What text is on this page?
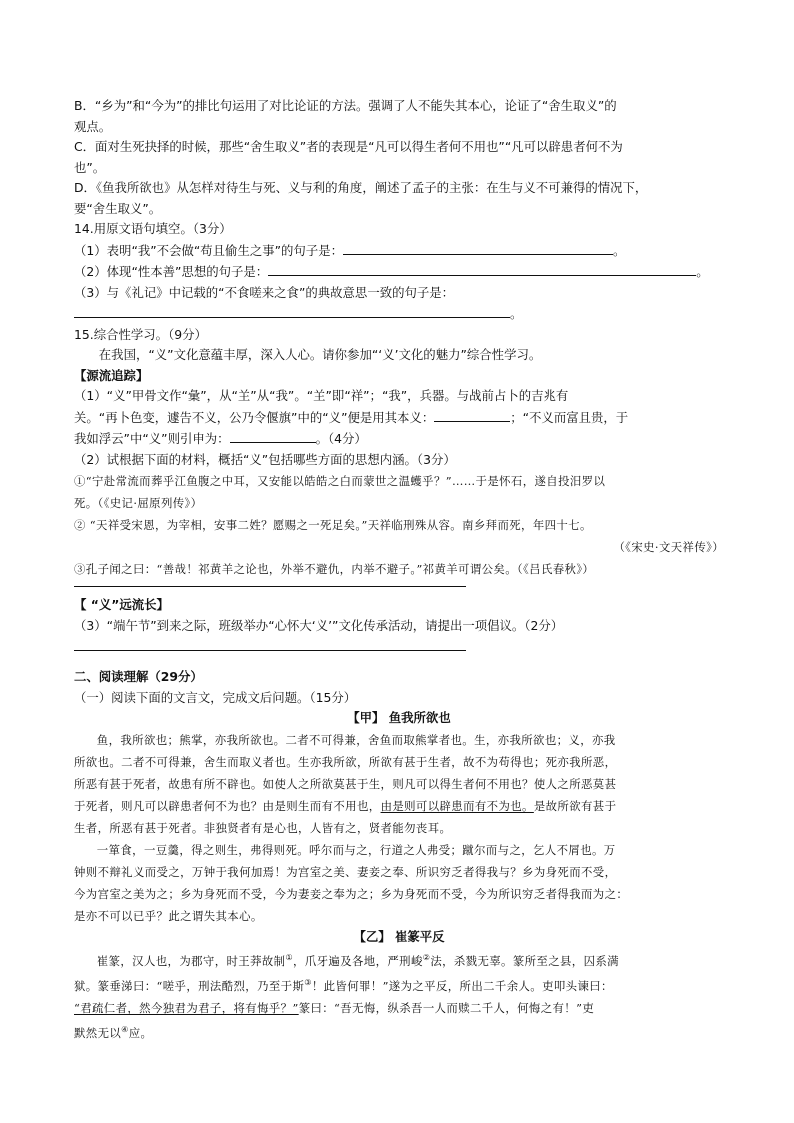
B．“乡为”和“今为”的排比句运用了对比论证的方法。强调了人不能失其本心，论证了“舍生取义”的
观点。
C．面对生死抉择的时候，那些“舍生取义”者的表现是“凡可以得生者何不用也”“凡可以辟患者何不为
也”。
D．《鱼我所欲也》从怎样对待生与死、义与利的角度，阐述了孟子的主张：在生与义不可兼得的情况下，
要“舍生取义”。
14.用原文语句填空。（3分）
（1）表明“我”不会做“苟且偷生之事”的句子是：	。
（2）体现“性本善”思想的句子是：	。
（3）与《礼记》中记载的“不食嗟来之食”的典故意思一致的句子是：
。
15.综合性学习。（9分）
在我国，“义”文化意蕴丰厚，深入人心。请你参加“‘义’文化的魅力”综合性学习。
【源流追踪】
（1）“义”甲骨文作“𢑥”，从“𦍌”从“我”。“𦍌”即“祥”；“我”，兵器。与战前占卜的吉兆有
关。“再卜色变，遽告不义，公乃令偃旗”中的“义”便是用其本义：	；“不义而富且贵，于
我如浮云”中“义”则引申为：	。（4分）
（2）试根据下面的材料，概括“义”包括哪些方面的思想内涵。（3分）
①“宁赴常流而葬乎江鱼腹之中耳，又安能以皓皓之白而蒙世之温蠖乎？”……于是怀石，遂自投汨罗以
死。（《史记·屈原列传》）
② “天祥受宋恩，为宰相，安事二姓？愿赐之一死足矣。”天祥临刑殊从容。南乡拜而死，年四十七。
（《宋史·文天祥传》）
③孔子闻之曰：“善哉！祁黄羊之论也，外举不避仇，内举不避子。”祁黄羊可谓公矣。（《吕氏春秋》）
【 “义”远流长】
（3）“端午节”到来之际，班级举办“心怀大‘义’”文化传承活动，请提出一项倡议。（2分）
二、阅读理解（29分）
（一）阅读下面的文言文，完成文后问题。（15分）
【甲】 鱼我所欲也
鱼，我所欲也；熊掌，亦我所欲也。二者不可得兼，舍鱼而取熊掌者也。生，亦我所欲也；义，亦我
所欲也。二者不可得兼，舍生而取义者也。生亦我所欲，所欲有甚于生者，故不为苟得也；死亦我所恶，
所恶有甚于死者，故患有所不辟也。如使人之所欲莫甚于生，则凡可以得生者何不用也？使人之所恶莫甚
于死者，则凡可以辟患者何不为也？由是则生而有不用也，由是则可以辟患而有不为也。是故所欲有甚于
生者，所恶有甚于死者。非独贤者有是心也，人皆有之，贤者能勿丧耳。
一箪食，一豆羹，得之则生，弗得则死。呼尔而与之，行道之人弗受；蹴尔而与之，乞人不屑也。万
钟则不辩礼义而受之，万钟于我何加焉！为宫室之美、妻妾之奉、所识穷乏者得我与？乡为身死而不受，
今为宫室之美为之；乡为身死而不受，今为妻妾之奉为之；乡为身死而不受，今为所识穷乏者得我而为之：
是亦不可以已乎？此之谓失其本心。
【乙】 崔篆平反
崔篆，汉人也，为郡守，时王莽故制①，爪牙遍及各地，严刑峻②法，杀戮无辜。篆所至之县，囚系满
狱。篆垂涕曰：“嗟乎，刑法酷烈，乃至于斯③！此皆何罪！”遂为之平反，所出二千余人。吏叩头谏曰：
“君疏仁者，然今独君为君子，将有悔乎？”篆曰：“吾无悔，纵杀吾一人而赎二千人，何悔之有！”吏
默然无以④应。
